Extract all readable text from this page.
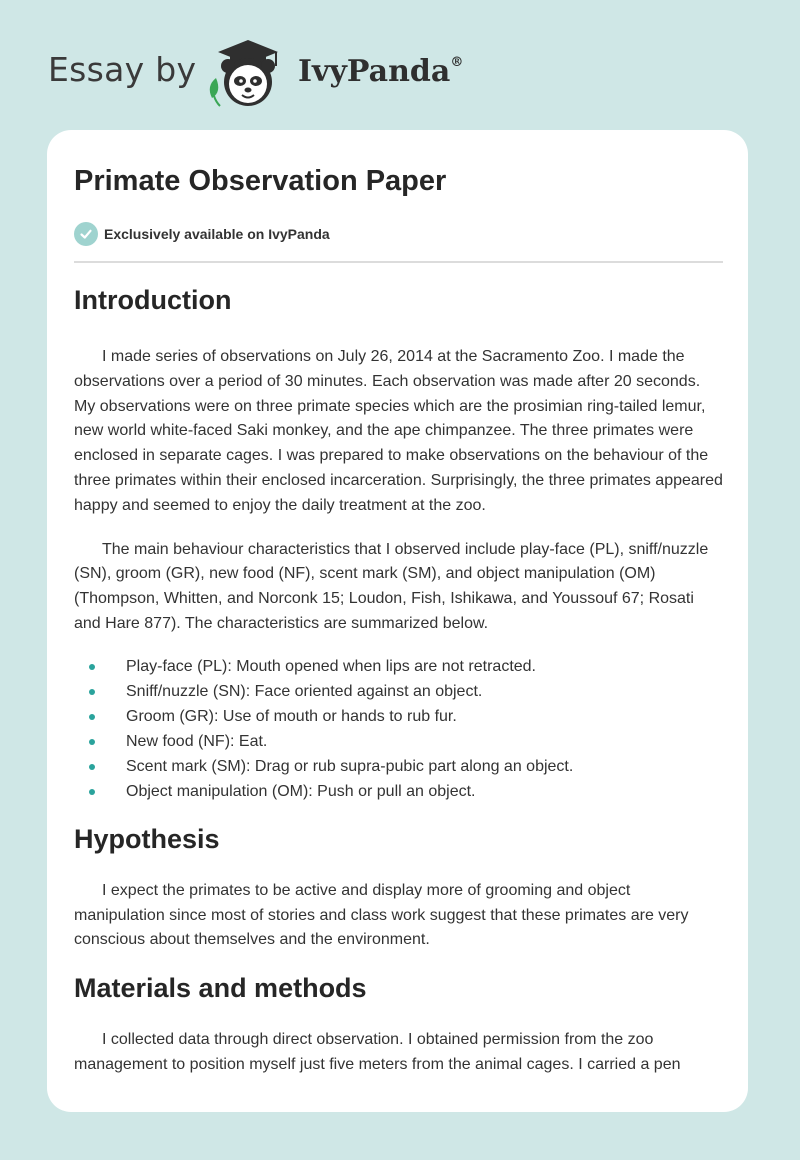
Essay by	IvyPanda®
Primate Observation Paper
Exclusively available on IvyPanda
Introduction

I made series of observations on July 26, 2014 at the Sacramento Zoo. I made the observations over a period of 30 minutes. Each observation was made after 20 seconds. My observations were on three primate species which are the prosimian ring-tailed lemur, new world white-faced Saki monkey, and the ape chimpanzee. The three primates were enclosed in separate cages. I was prepared to make observations on the behaviour of the three primates within their enclosed incarceration. Surprisingly, the three primates appeared happy and seemed to enjoy the daily treatment at the zoo.

The main behaviour characteristics that I observed include play-face (PL), sniff/nuzzle (SN), groom (GR), new food (NF), scent mark (SM), and object manipulation (OM) (Thompson, Whitten, and Norconk 15; Loudon, Fish, Ishikawa, and Youssouf 67; Rosati and Hare 877). The characteristics are summarized below.

Play-face (PL): Mouth opened when lips are not retracted.
Sniff/nuzzle (SN): Face oriented against an object.
Groom (GR): Use of mouth or hands to rub fur.
New food (NF): Eat.
Scent mark (SM): Drag or rub supra-pubic part along an object.
Object manipulation (OM): Push or pull an object.
Hypothesis

I expect the primates to be active and display more of grooming and object manipulation since most of stories and class work suggest that these primates are very conscious about themselves and the environment.

Materials and methods

I collected data through direct observation. I obtained permission from the zoo management to position myself just five meters from the animal cages. I carried a pen
